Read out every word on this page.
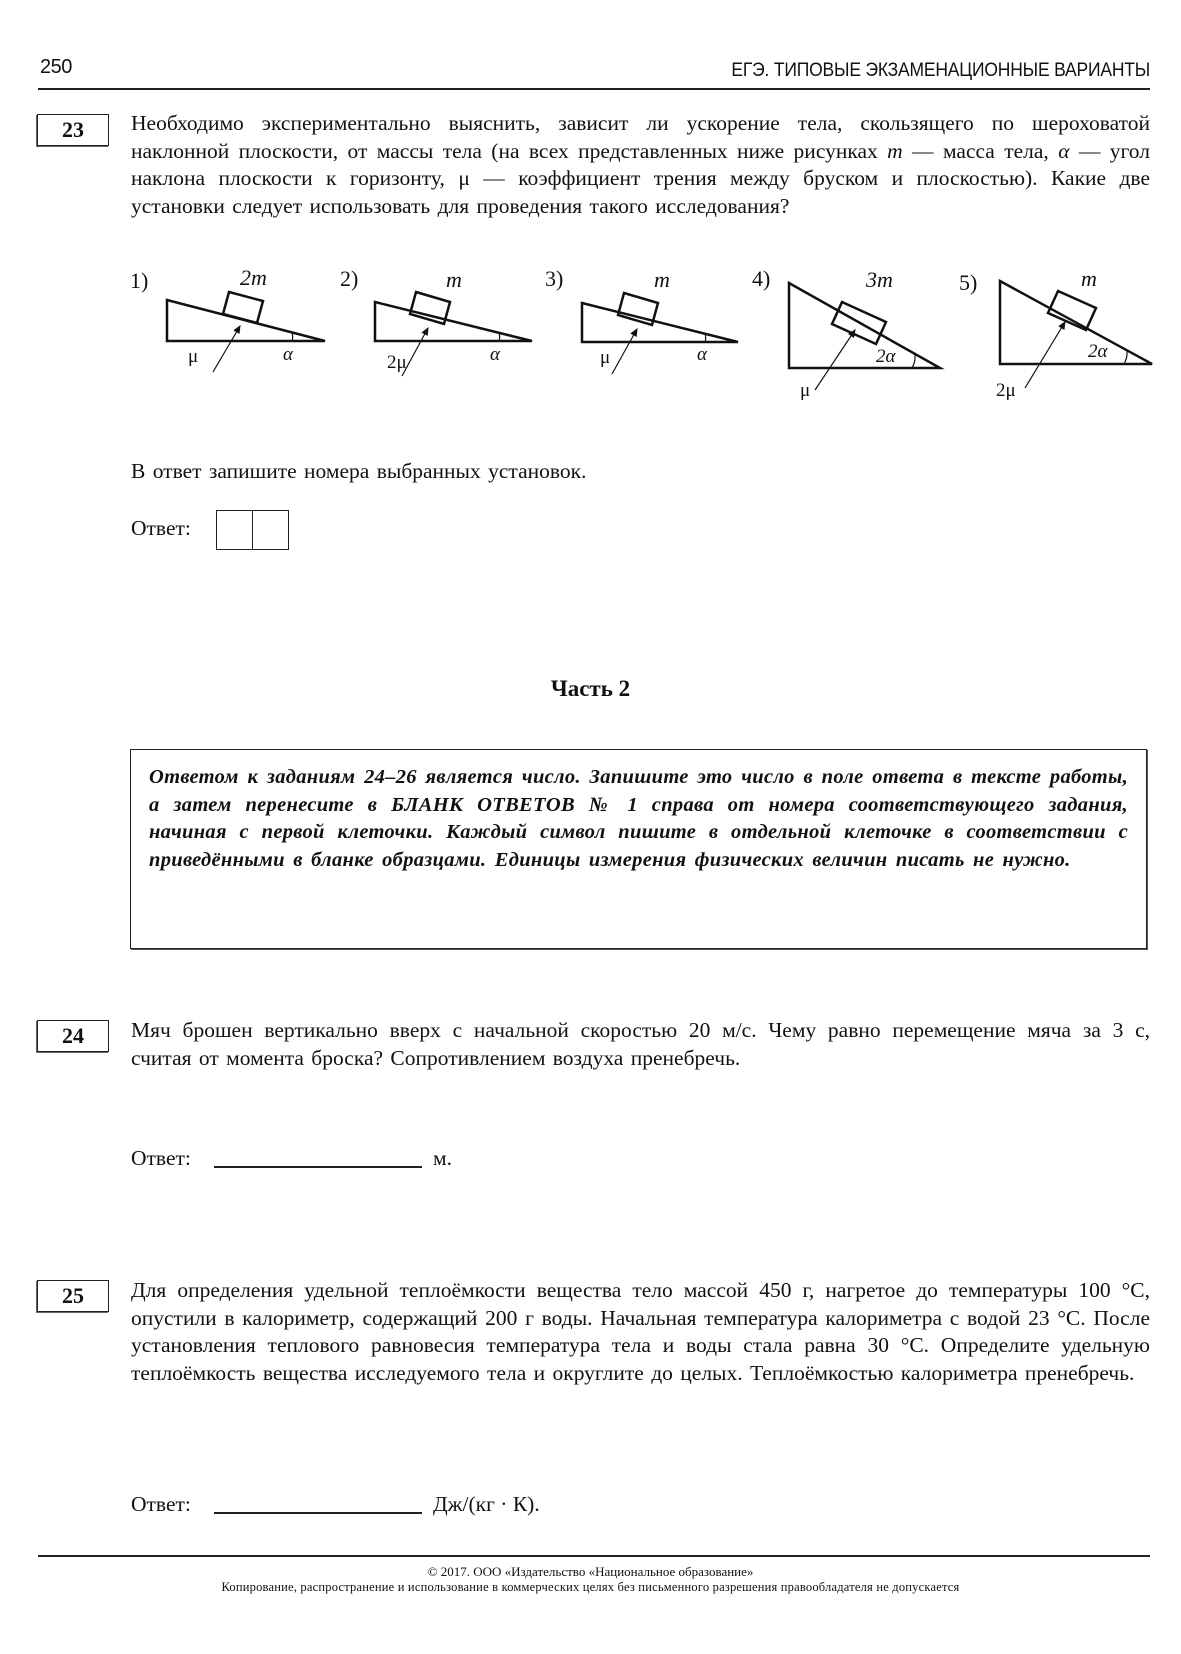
250	ЕГЭ. ТИПОВЫЕ ЭКЗАМЕНАЦИОННЫЕ ВАРИАНТЫ
23	Необходимо экспериментально выяснить, зависит ли ускорение тела, скользящего по шероховатой наклонной плоскости, от массы тела (на всех представленных ниже рисунках m — масса тела, α — угол наклона плоскости к горизонту, μ — коэффициент трения между бруском и плоскостью). Какие две установки следует использовать для проведения такого исследования?
1)	2m
μ	α
2)	m
2μ	α
3)	m
μ	α
4)	3m
μ
2α
5)	m
2μ
2α
В ответ запишите номера выбранных установок.
Ответ:
Часть 2
Ответом к заданиям 24–26 является число. Запишите это число в поле ответа в тексте работы, а затем перенесите в БЛАНК ОТВЕТОВ № 1 справа от номера соответствующего задания, начиная с первой клеточки. Каждый символ пишите в отдельной клеточке в соответствии с приведёнными в бланке образцами. Единицы измерения физических величин писать не нужно.
24	Мяч брошен вертикально вверх с начальной скоростью 20 м/с. Чему равно перемещение мяча за 3 с, считая от момента броска? Сопротивлением воздуха пренебречь.
Ответ:	м.
25	Для определения удельной теплоёмкости вещества тело массой 450 г, нагретое до температуры 100 °С, опустили в калориметр, содержащий 200 г воды. Начальная температура калориметра с водой 23 °С. После установления теплового равновесия температура тела и воды стала равна 30 °С. Определите удельную теплоёмкость вещества исследуемого тела и округлите до целых. Теплоёмкостью калориметра пренебречь.
Ответ:	Дж/(кг · К).
© 2017. ООО «Издательство «Национальное образование»
Копирование, распространение и использование в коммерческих целях без письменного разрешения правообладателя не допускается
